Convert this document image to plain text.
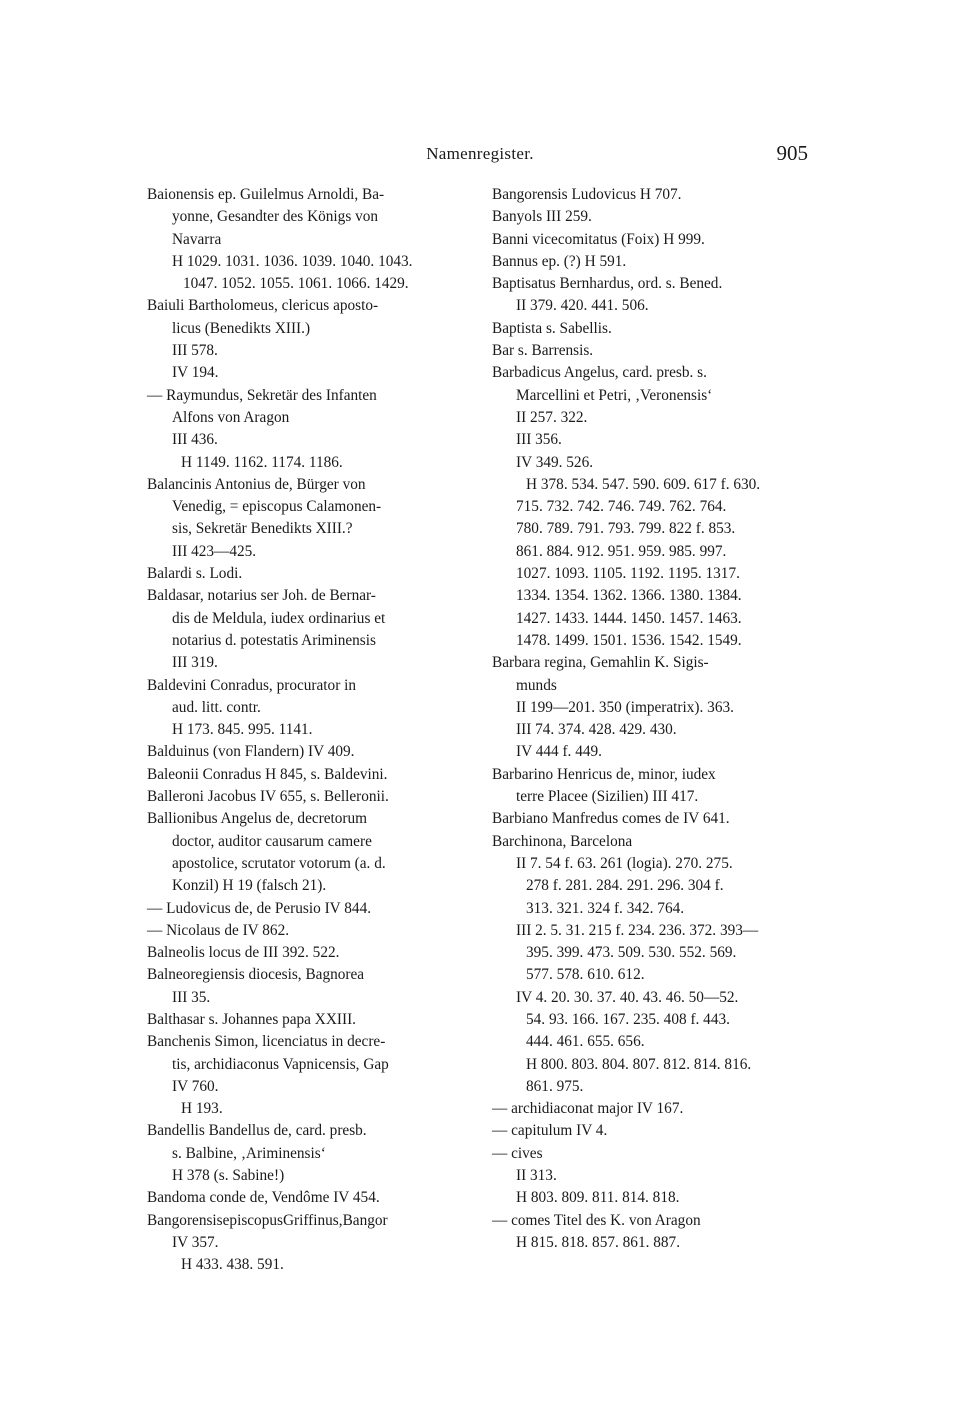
Namenregister.	905
Baionensis ep. Guilelmus Arnoldi, Ba-
yonne, Gesandter des Königs von
Navarra
H 1029. 1031. 1036. 1039. 1040. 1043.
1047. 1052. 1055. 1061. 1066. 1429.
Baiuli Bartholomeus, clericus aposto-
licus (Benedikts XIII.)
III 578.
IV 194.
— Raymundus, Sekretär des Infanten
Alfons von Aragon
III 436.
H 1149. 1162. 1174. 1186.
Balancinis Antonius de, Bürger von
Venedig, = episcopus Calamonen-
sis, Sekretär Benedikts XIII.?
III 423—425.
Balardi s. Lodi.
Baldasar, notarius ser Joh. de Bernar-
dis de Meldula, iudex ordinarius et
notarius d. potestatis Ariminensis
III 319.
Baldevini Conradus, procurator in
aud. litt. contr.
H 173. 845. 995. 1141.
Balduinus (von Flandern) IV 409.
Baleonii Conradus H 845, s. Baldevini.
Balleroni Jacobus IV 655, s. Belleronii.
Ballionibus Angelus de, decretorum
doctor, auditor causarum camere
apostolice, scrutator votorum (a. d.
Konzil) H 19 (falsch 21).
— Ludovicus de, de Perusio IV 844.
— Nicolaus de IV 862.
Balneolis locus de III 392. 522.
Balneoregiensis diocesis, Bagnorea
III 35.
Balthasar s. Johannes papa XXIII.
Banchenis Simon, licenciatus in decre-
tis, archidiaconus Vapnicensis, Gap
IV 760.
H 193.
Bandellis Bandellus de, card. presb.
s. Balbine, ‚Ariminensis‘
H 378 (s. Sabine!)
Bandoma conde de, Vendôme IV 454.
BangorensisepiscopusGriffinus,Bangor
IV 357.
H 433. 438. 591.
Bangorensis Ludovicus H 707.
Banyols III 259.
Banni vicecomitatus (Foix) H 999.
Bannus ep. (?) H 591.
Baptisatus Bernhardus, ord. s. Bened.
II 379. 420. 441. 506.
Baptista s. Sabellis.
Bar s. Barrensis.
Barbadicus Angelus, card. presb. s.
Marcellini et Petri, ‚Veronensis‘
II 257. 322.
III 356.
IV 349. 526.
H 378. 534. 547. 590. 609. 617 f. 630.
715. 732. 742. 746. 749. 762. 764.
780. 789. 791. 793. 799. 822 f. 853.
861. 884. 912. 951. 959. 985. 997.
1027. 1093. 1105. 1192. 1195. 1317.
1334. 1354. 1362. 1366. 1380. 1384.
1427. 1433. 1444. 1450. 1457. 1463.
1478. 1499. 1501. 1536. 1542. 1549.
Barbara regina, Gemahlin K. Sigis-
munds
II 199—201. 350 (imperatrix). 363.
III 74. 374. 428. 429. 430.
IV 444 f. 449.
Barbarino Henricus de, minor, iudex
terre Placee (Sizilien) III 417.
Barbiano Manfredus comes de IV 641.
Barchinona, Barcelona
II 7. 54 f. 63. 261 (logia). 270. 275.
278 f. 281. 284. 291. 296. 304 f.
313. 321. 324 f. 342. 764.
III 2. 5. 31. 215 f. 234. 236. 372. 393—
395. 399. 473. 509. 530. 552. 569.
577. 578. 610. 612.
IV 4. 20. 30. 37. 40. 43. 46. 50—52.
54. 93. 166. 167. 235. 408 f. 443.
444. 461. 655. 656.
H 800. 803. 804. 807. 812. 814. 816.
861. 975.
— archidiaconat major IV 167.
— capitulum IV 4.
— cives
II 313.
H 803. 809. 811. 814. 818.
— comes Titel des K. von Aragon
H 815. 818. 857. 861. 887.
